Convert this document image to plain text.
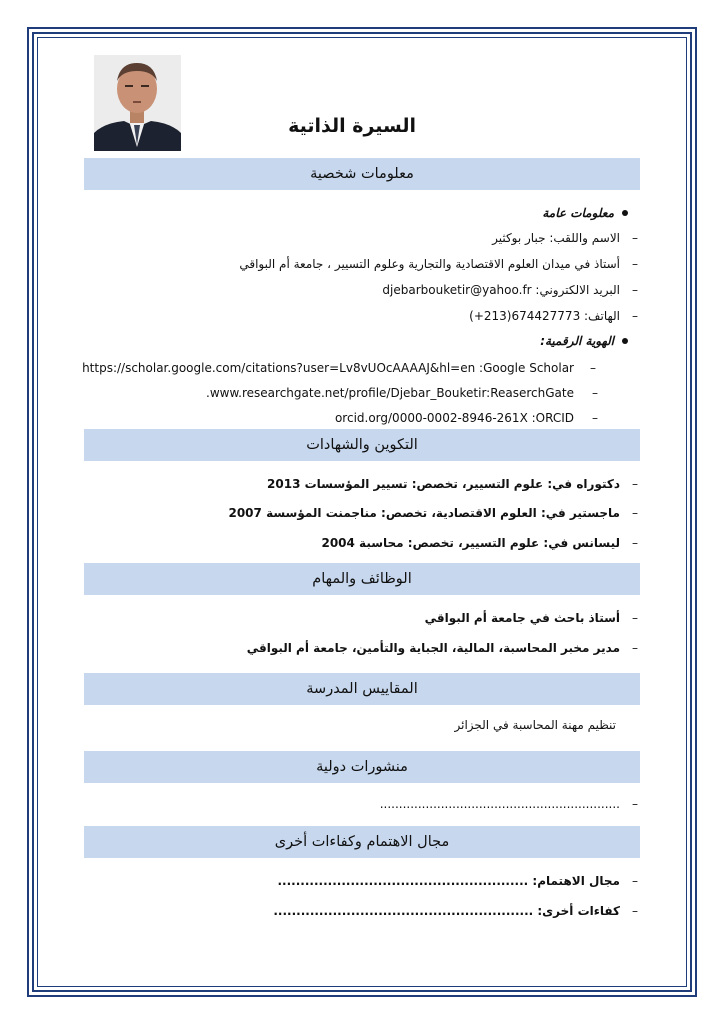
السيرة الذاتية
معلومات شخصية
معلومات عامة
–
الاسم واللقب: جبار بوكثير
–
أستاذ في ميدان العلوم الاقتصادية والتجارية وعلوم التسيير ، جامعة أم البواقي
–
البريد الالكتروني: djebarbouketir@yahoo.fr
–
الهاتف: 674427773(213+)
الهوية الرقمية:
–
https://scholar.google.com/citations?user=Lv8vUOcAAAAJ&hl=en :Google Scholar
–
www.researchgate.net/profile/Djebar_Bouketir:ReaserchGate.
–
orcid.org/0000-0002-8946-261X :ORCID
التكوين والشهادات
–
دكتوراه في: علوم التسيير، تخصص: تسيير المؤسسات 2013
–
ماجستير في: العلوم الاقتصادية، تخصص: مناجمنت المؤسسة 2007
–
ليسانس في: علوم التسيير، تخصص: محاسبة 2004
الوظائف والمهام
–
أستاذ باحث في جامعة أم البواقي
–
مدير مخبر المحاسبة، المالية، الجباية والتأمين، جامعة أم البواقي
المقاييس المدرسة
تنظيم مهنة المحاسبة في الجزائر
منشورات دولية
–
...............................................................
مجال الاهتمام وكفاءات أخرى
–
مجال الاهتمام: .......................................................
–
كفاءات أخرى: .........................................................
